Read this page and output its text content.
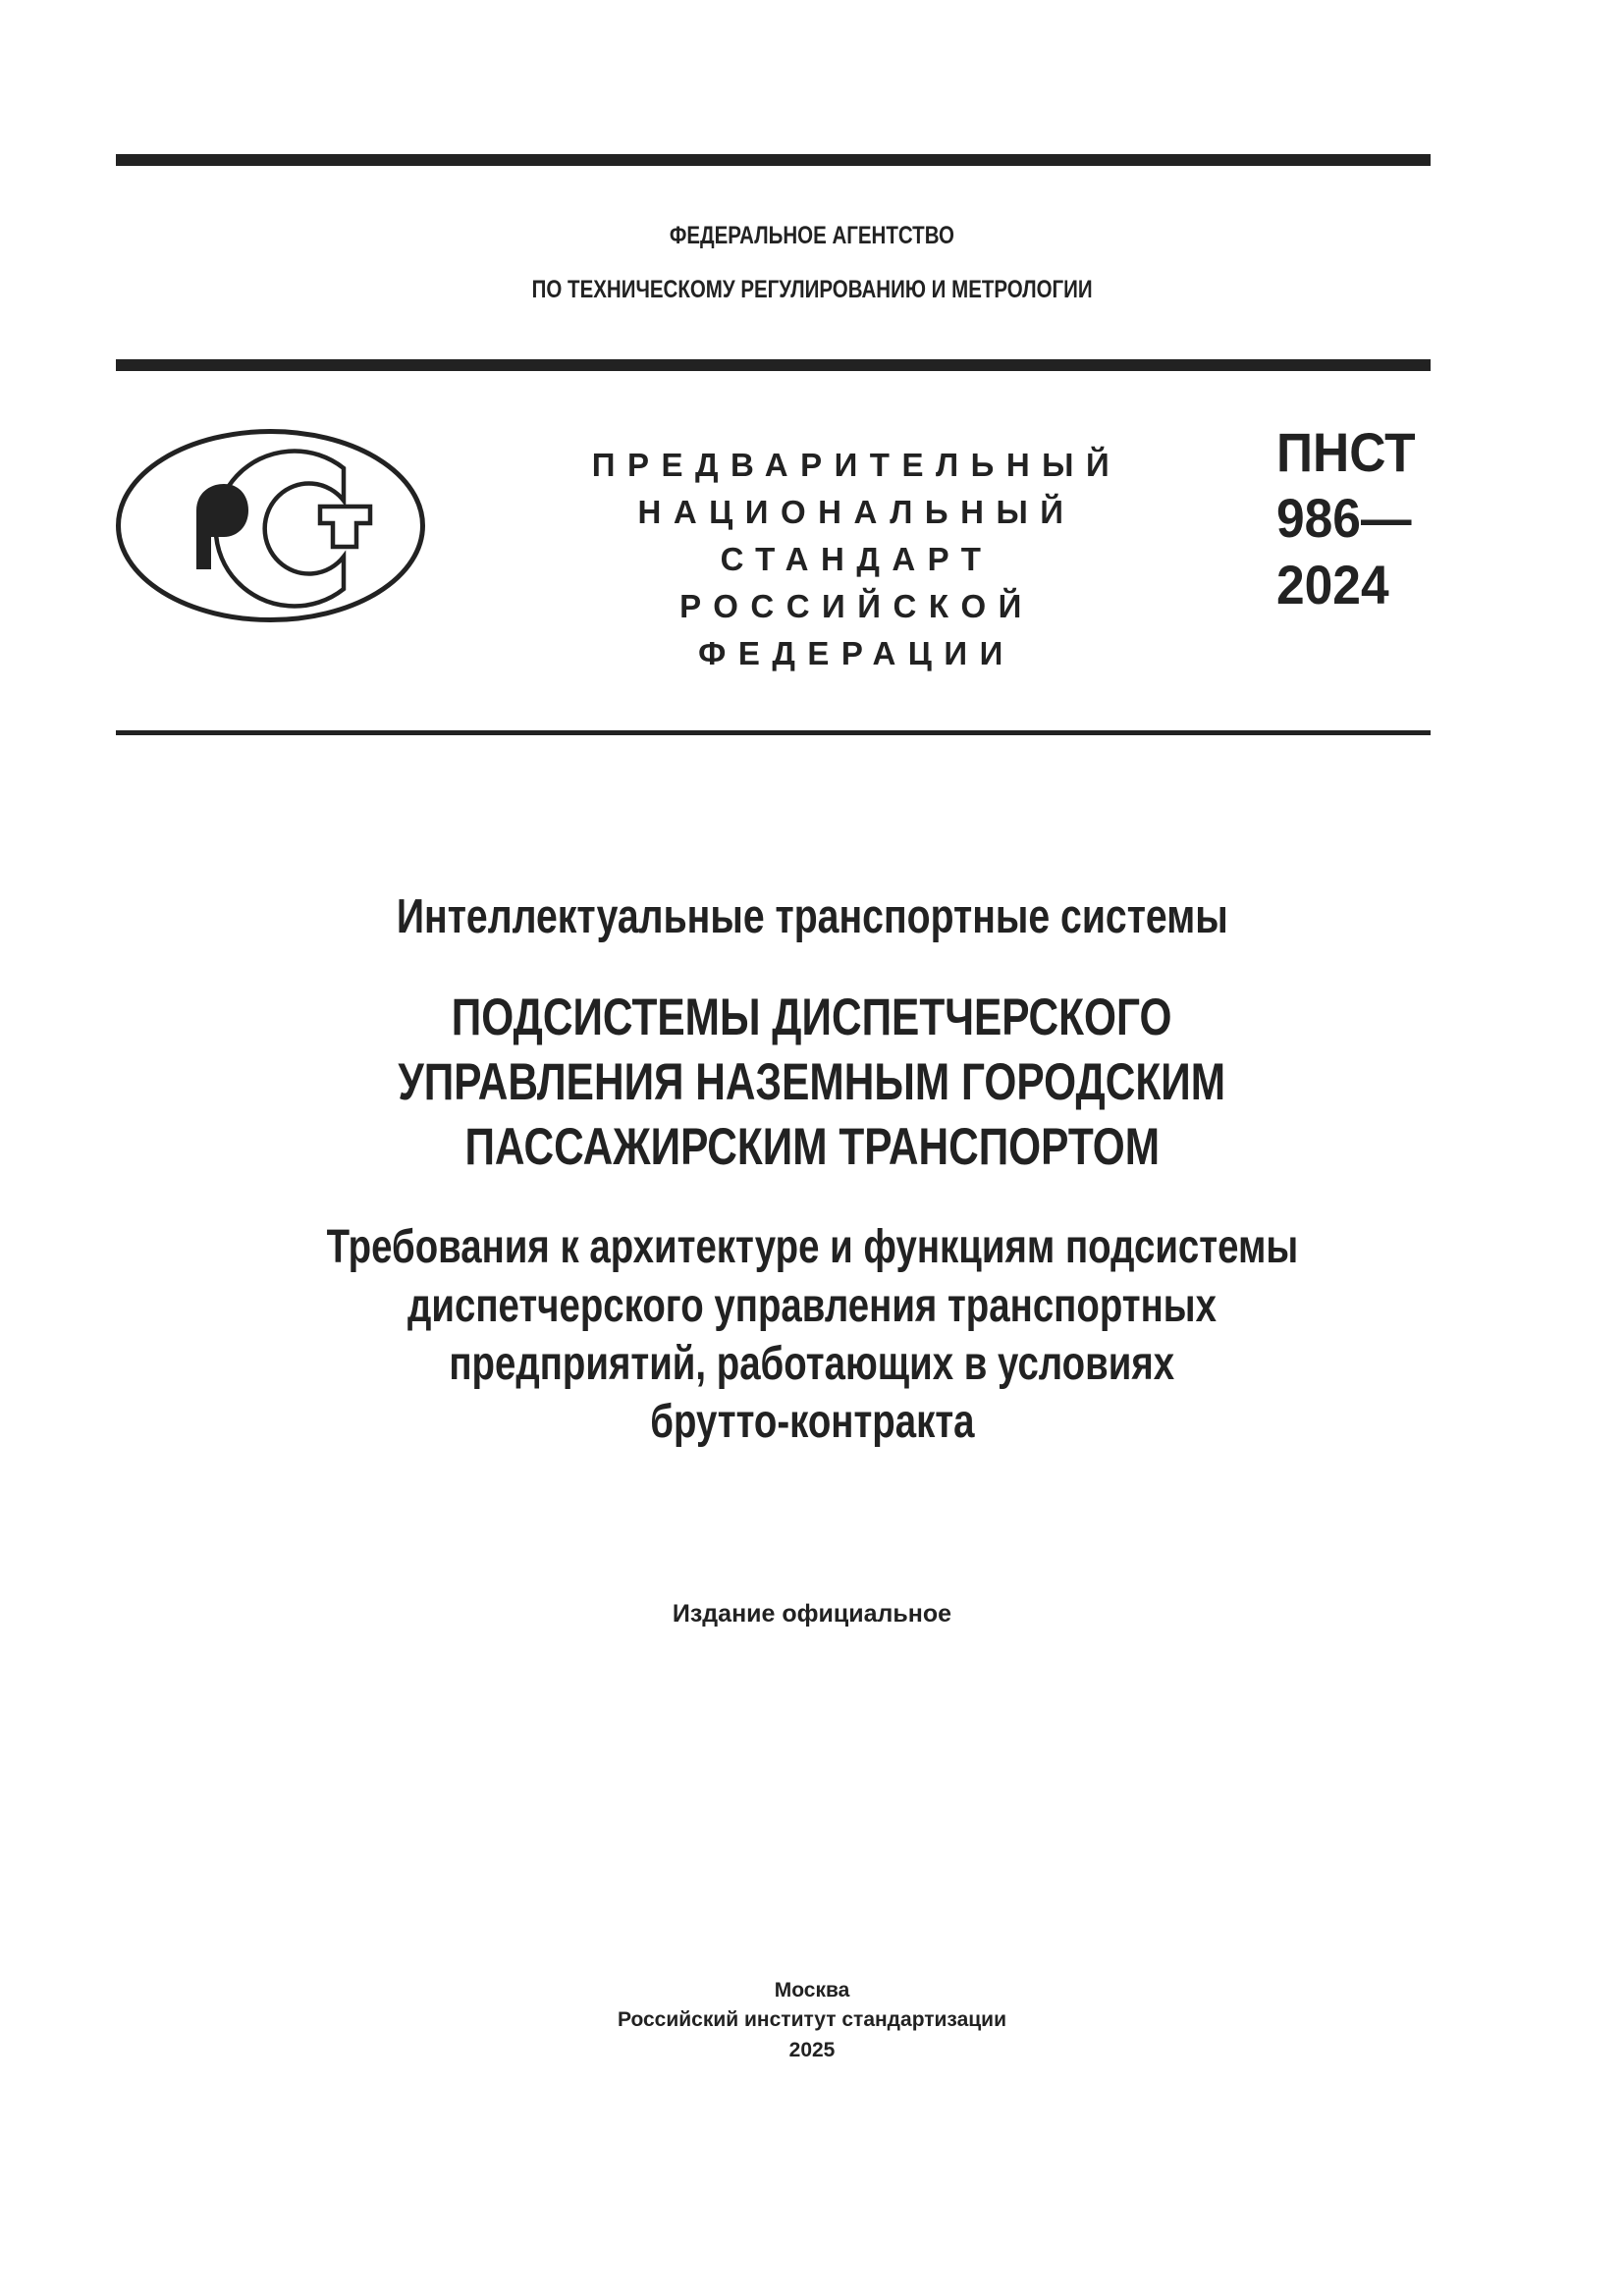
ФЕДЕРАЛЬНОЕ АГЕНТСТВО
ПО ТЕХНИЧЕСКОМУ РЕГУЛИРОВАНИЮ И МЕТРОЛОГИИ
ПРЕДВАРИТЕЛЬНЫЙ
НАЦИОНАЛЬНЫЙ
СТАНДАРТ
РОССИЙСКОЙ
ФЕДЕРАЦИИ
ПНСТ
986—
2024
Интеллектуальные транспортные системы
ПОДСИСТЕМЫ ДИСПЕТЧЕРСКОГО
УПРАВЛЕНИЯ НАЗЕМНЫМ ГОРОДСКИМ
ПАССАЖИРСКИМ ТРАНСПОРТОМ
Требования к архитектуре и функциям подсистемы
диспетчерского управления транспортных
предприятий, работающих в условиях
брутто-контракта
Издание официальное
Москва
Российский институт стандартизации
2025
